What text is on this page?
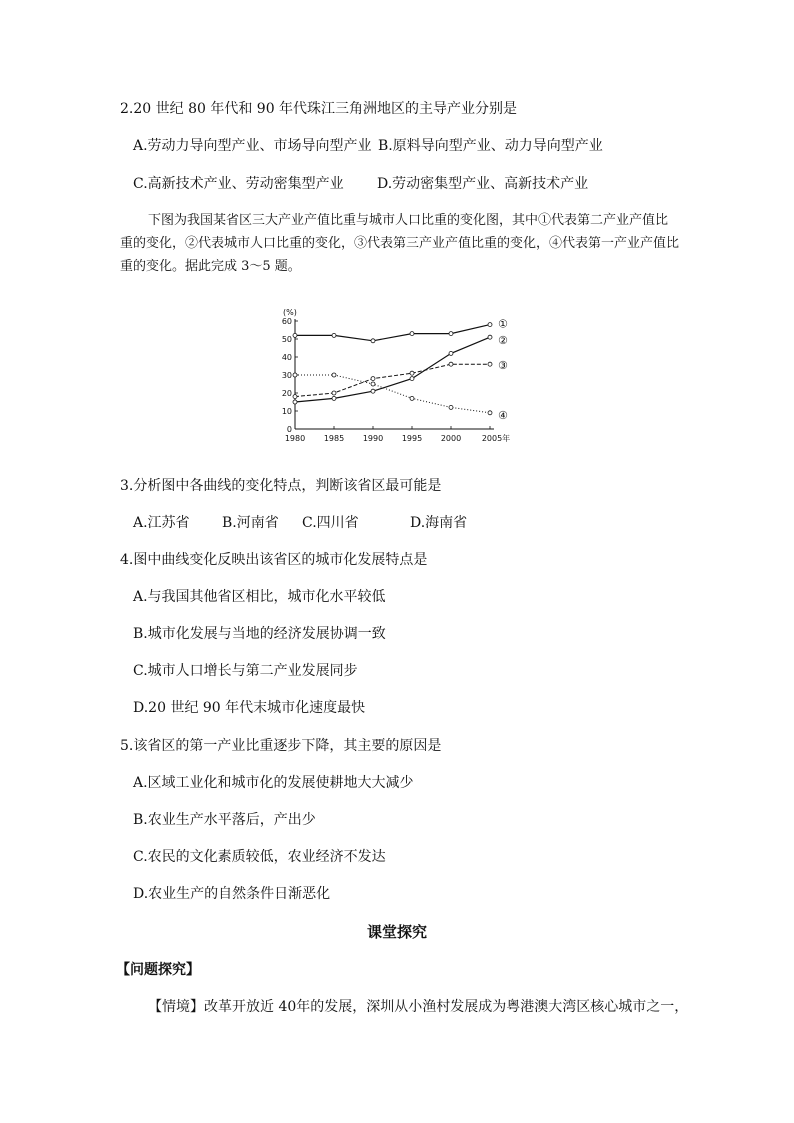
2.20 世纪 80 年代和 90 年代珠江三角洲地区的主导产业分别是
A.劳动力导向型产业、市场导向型产业 B.原料导向型产业、动力导向型产业
C.高新技术产业、劳动密集型产业 D.劳动密集型产业、高新技术产业
下图为我国某省区三大产业产值比重与城市人口比重的变化图，其中①代表第二产业产值比重的变化，②代表城市人口比重的变化，③代表第三产业产值比重的变化，④代表第一产业产值比重的变化。据此完成 3～5 题。
0
10
20
30
40
50
60
1980 1985 1990 1995 2000	2005年
①
②
③
④
(%)
3.分析图中各曲线的变化特点，判断该省区最可能是
A.江苏省 B.河南省 C.四川省	D.海南省
4.图中曲线变化反映出该省区的城市化发展特点是
A.与我国其他省区相比，城市化水平较低
B.城市化发展与当地的经济发展协调一致
C.城市人口增长与第二产业发展同步
D.20 世纪 90 年代末城市化速度最快
5.该省区的第一产业比重逐步下降，其主要的原因是
A.区域工业化和城市化的发展使耕地大大减少
B.农业生产水平落后，产出少
C.农民的文化素质较低，农业经济不发达
D.农业生产的自然条件日渐恶化
课堂探究
【问题探究】
【情境】改革开放近 40年的发展，深圳从小渔村发展成为粤港澳大湾区核心城市之一，
